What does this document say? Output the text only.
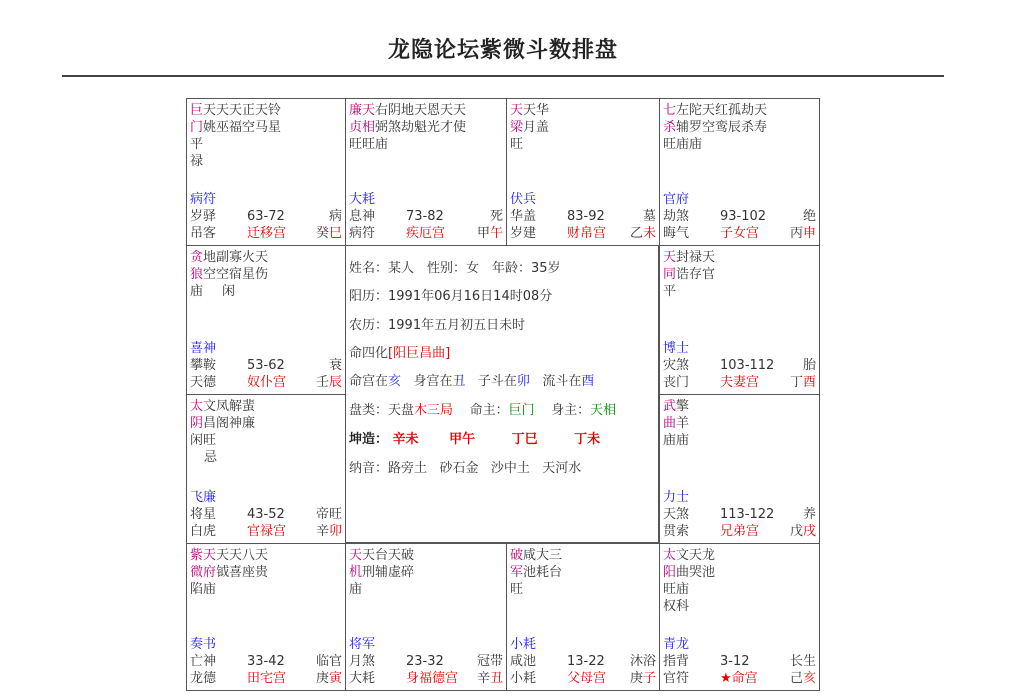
龙隐论坛紫微斗数排盘
巨天天天正天铃
门姚巫福空马星
平
禄
病符
岁驿 63-72	病
吊客 迁移宫 癸巳
廉天右阴地天恩天天
贞相弼煞劫魁光才使
旺旺庙
大耗
息神 73-82	死
病符 疾厄宫 甲午
天天华
梁月盖
旺
伏兵
华盖 83-92	墓
岁建 财帛宫 乙未
七左陀天红孤劫天
杀辅罗空鸾辰杀寿
旺庙庙
官府
劫煞 93-102	绝
晦气 子女宫 丙申
贪地副寡火天
狼空空宿星伤
庙	闲
喜神
攀鞍 53-62	衰
天德 奴仆宫 壬辰
天封禄天
同诰存官
平
博士
灾煞 103-112 胎
丧门 夫妻宫 丁酉
太文凤解蜚
阴昌阁神廉
闲旺
忌
飞廉
将星 43-52 帝旺
白虎 官禄宫 辛卯
武擎
曲羊
庙庙
力士
天煞 113-122 养
贯索 兄弟宫 戊戌
紫天天天八天
微府钺喜座贵
陷庙
奏书
亡神 33-42 临官
龙德 田宅宫 庚寅
天天台天破
机刑辅虚碎
庙
将军
月煞 23-32	冠带
大耗 身福德宫 辛丑
破咸大三
军池耗台
旺
小耗
咸池 13-22 沐浴
小耗 父母宫 庚子
太文天龙
阳曲哭池
旺庙
权科
青龙
指背 3-12	长生
官符 ★命宫 己亥
姓名：某人　性别：女　年龄：35岁
阳历：1991年06月16日14时08分
农历：1991年五月初五日未时
命四化[阳巨昌曲]
命宫在亥 身宫在丑 子斗在卯 流斗在酉
盘类：天盘木三局 命主：巨门 身主：天相
坤造： 辛未 甲午	丁巳	丁未
纳音：路旁土 砂石金 沙中土 天河水
